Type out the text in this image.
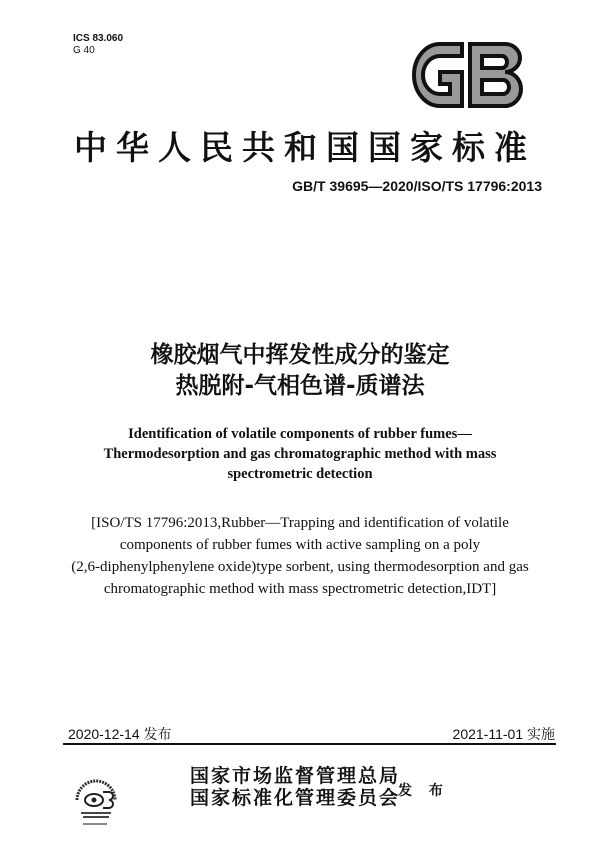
ICS 83.060
G 40
中华人民共和国国家标准
GB/T 39695—2020/ISO/TS 17796:2013
橡胶烟气中挥发性成分的鉴定
热脱附-气相色谱-质谱法
Identification of volatile components of rubber fumes—
Thermodesorption and gas chromatographic method with mass
spectrometric detection
[ISO/TS 17796:2013,Rubber—Trapping and identification of volatile
components of rubber fumes with active sampling on a poly
(2,6-diphenylphenylene oxide)type sorbent, using thermodesorption and gas
chromatographic method with mass spectrometric detection,IDT]
2020-12-14 发布	2021-11-01 实施
国家市场监督管理总局
国家标准化管理委员会
发 布
